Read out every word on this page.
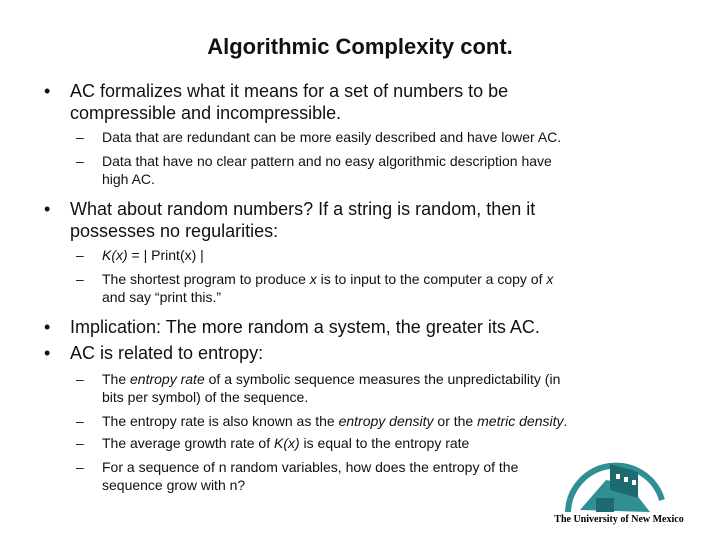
Algorithmic Complexity cont.
• AC formalizes what it means for a set of numbers to be
compressible and incompressible.
– Data that are redundant can be more easily described and have lower AC.
– Data that have no clear pattern and no easy algorithmic description have
high AC.
• What about random numbers? If a string is random, then it
possesses no regularities:
– K(x) = | Print(x) |
– The shortest program to produce x is to input to the computer a copy of x
and say “print this.”
• Implication: The more random a system, the greater its AC.
• AC is related to entropy:
– The entropy rate of a symbolic sequence measures the unpredictability (in
bits per symbol) of the sequence.
– The entropy rate is also known as the entropy density or the metric density.
– The average growth rate of K(x) is equal to the entropy rate
– For a sequence of n random variables, how does the entropy of the
sequence grow with n?
The University of New Mexico
